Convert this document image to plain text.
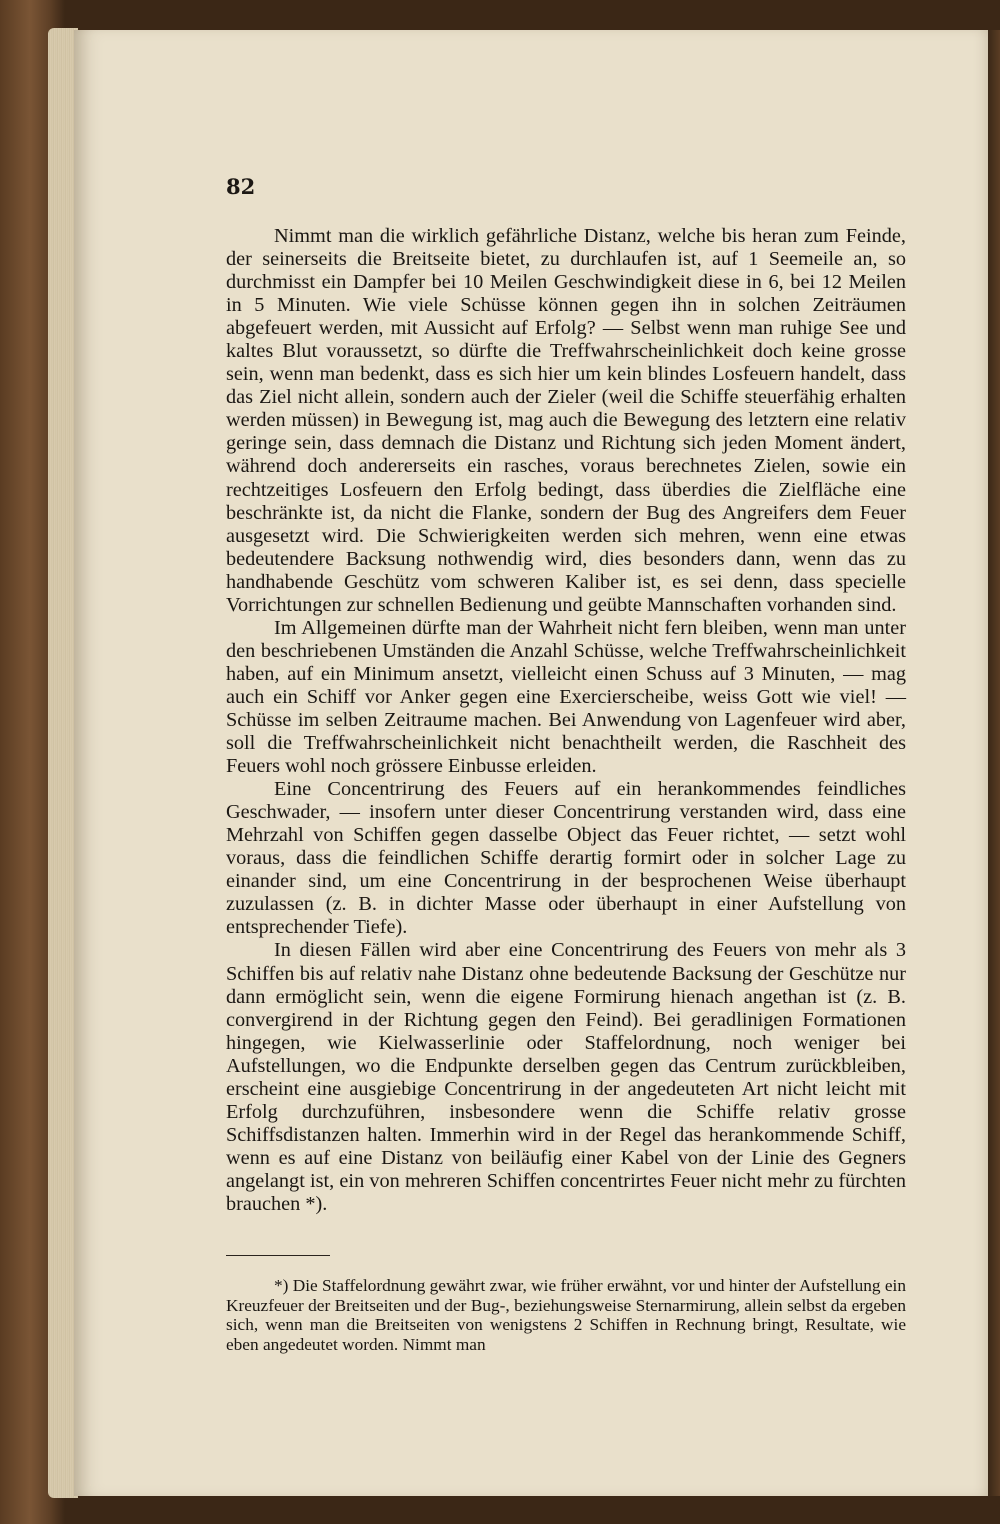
82

Nimmt man die wirklich gefährliche Distanz, welche bis heran zum Feinde, der seinerseits die Breitseite bietet, zu durchlaufen ist, auf 1 Seemeile an, so durchmisst ein Dampfer bei 10 Meilen Geschwindigkeit diese in 6, bei 12 Meilen in 5 Minuten. Wie viele Schüsse können gegen ihn in solchen Zeiträumen abgefeuert werden, mit Aussicht auf Erfolg? — Selbst wenn man ruhige See und kaltes Blut voraussetzt, so dürfte die Treffwahrscheinlichkeit doch keine grosse sein, wenn man bedenkt, dass es sich hier um kein blindes Losfeuern handelt, dass das Ziel nicht allein, sondern auch der Zieler (weil die Schiffe steuerfähig erhalten werden müssen) in Bewegung ist, mag auch die Bewegung des letztern eine relativ geringe sein, dass demnach die Distanz und Richtung sich jeden Moment ändert, während doch andererseits ein rasches, voraus berechnetes Zielen, sowie ein rechtzeitiges Losfeuern den Erfolg bedingt, dass überdies die Zielfläche eine beschränkte ist, da nicht die Flanke, sondern der Bug des Angreifers dem Feuer ausgesetzt wird. Die Schwierigkeiten werden sich mehren, wenn eine etwas bedeutendere Backsung nothwendig wird, dies besonders dann, wenn das zu handhabende Geschütz vom schweren Kaliber ist, es sei denn, dass specielle Vorrichtungen zur schnellen Bedienung und geübte Mannschaften vorhanden sind.

Im Allgemeinen dürfte man der Wahrheit nicht fern bleiben, wenn man unter den beschriebenen Umständen die Anzahl Schüsse, welche Treffwahrscheinlichkeit haben, auf ein Minimum ansetzt, vielleicht einen Schuss auf 3 Minuten, — mag auch ein Schiff vor Anker gegen eine Exercierscheibe, weiss Gott wie viel! — Schüsse im selben Zeitraume machen. Bei Anwendung von Lagenfeuer wird aber, soll die Treffwahrscheinlichkeit nicht benachtheilt werden, die Raschheit des Feuers wohl noch grössere Einbusse erleiden.

Eine Concentrirung des Feuers auf ein herankommendes feindliches Geschwader, — insofern unter dieser Concentrirung verstanden wird, dass eine Mehrzahl von Schiffen gegen dasselbe Object das Feuer richtet, — setzt wohl voraus, dass die feindlichen Schiffe derartig formirt oder in solcher Lage zu einander sind, um eine Concentrirung in der besprochenen Weise überhaupt zuzulassen (z. B. in dichter Masse oder überhaupt in einer Aufstellung von entsprechender Tiefe).

In diesen Fällen wird aber eine Concentrirung des Feuers von mehr als 3 Schiffen bis auf relativ nahe Distanz ohne bedeutende Backsung der Geschütze nur dann ermöglicht sein, wenn die eigene Formirung hienach angethan ist (z. B. convergirend in der Richtung gegen den Feind). Bei geradlinigen Formationen hingegen, wie Kielwasserlinie oder Staffelordnung, noch weniger bei Aufstellungen, wo die Endpunkte derselben gegen das Centrum zurückbleiben, erscheint eine ausgiebige Concentrirung in der angedeuteten Art nicht leicht mit Erfolg durchzuführen, insbesondere wenn die Schiffe relativ grosse Schiffsdistanzen halten. Immerhin wird in der Regel das herankommende Schiff, wenn es auf eine Distanz von beiläufig einer Kabel von der Linie des Gegners angelangt ist, ein von mehreren Schiffen concentrirtes Feuer nicht mehr zu fürchten brauchen *).

*) Die Staffelordnung gewährt zwar, wie früher erwähnt, vor und hinter der Aufstellung ein Kreuzfeuer der Breitseiten und der Bug-, beziehungsweise Sternarmirung, allein selbst da ergeben sich, wenn man die Breitseiten von wenigstens 2 Schiffen in Rechnung bringt, Resultate, wie eben angedeutet worden. Nimmt man
